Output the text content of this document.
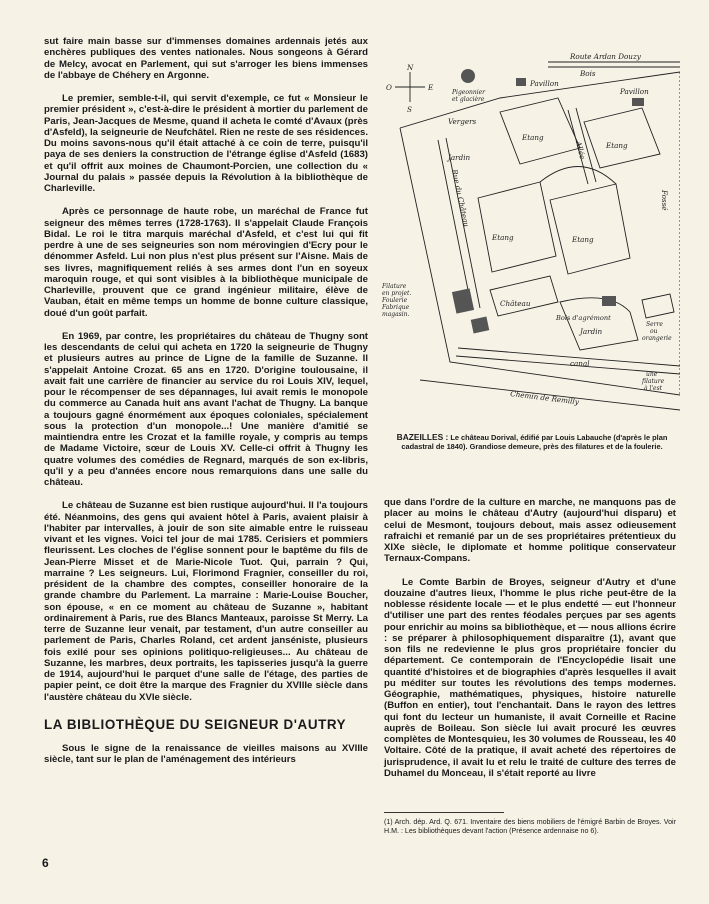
sut faire main basse sur d'immenses domaines ardennais jetés aux enchères publiques des ventes nationales. Nous songeons à Gérard de Melcy, avocat en Parlement, qui sut s'arroger les biens immenses de l'abbaye de Chéhery en Argonne.

Le premier, semble-t-il, qui servit d'exemple, ce fut « Monsieur le premier président », c'est-à-dire le président à mortier du parlement de Paris, Jean-Jacques de Mesme, quand il acheta le comté d'Avaux (près d'Asfeld), la seigneurie de Neufchâtel. Rien ne reste de ses résidences. Du moins savons-nous qu'il était attaché à ce coin de terre, puisqu'il paya de ses deniers la construction de l'étrange église d'Asfeld (1683) et qu'il offrit aux moines de Chaumont-Porcien, une collection du « Journal du palais » passée depuis la Révolution à la bibliothèque de Charleville.

Après ce personnage de haute robe, un maréchal de France fut seigneur des mêmes terres (1728-1763). Il s'appelait Claude François Bidal. Le roi le titra marquis maréchal d'Asfeld, et c'est lui qui fit perdre à une de ses seigneuries son nom mérovingien d'Ecry pour le dénommer Asfeld. Lui non plus n'est plus présent sur l'Aisne. Mais de ses livres, magnifiquement reliés à ses armes dont l'un en soyeux maroquin rouge, et qui sont visibles à la bibliothèque municipale de Charleville, prouvent que ce grand ingénieur militaire, élève de Vauban, était en même temps un homme de bonne culture classique, doué d'un goût parfait.

En 1969, par contre, les propriétaires du château de Thugny sont les descendants de celui qui acheta en 1720 la seigneurie de Thugny et plusieurs autres au prince de Ligne de la famille de Suzanne. Il s'appelait Antoine Crozat. 65 ans en 1720. D'origine toulousaine, il avait fait une carrière de financier au service du roi Louis XIV, lequel, pour le récompenser de ses dépannages, lui avait remis le monopole du commerce au Canada huit ans avant l'achat de Thugny. La banque a toujours gagné énormément aux époques coloniales, spécialement sous la protection d'un monopole...! Une manière d'amitié se maintiendra entre les Crozat et la famille royale, y compris au temps de Madame Victoire, sœur de Louis XV. Celle-ci offrit à Thugny les quatre volumes des comédies de Regnard, marqués de son ex-libris, qu'il y a peu d'années encore nous remarquions dans une salle du château.

Le château de Suzanne est bien rustique aujourd'hui. Il l'a toujours été. Néanmoins, des gens qui avaient hôtel à Paris, avaient plaisir à l'habiter par intervalles, à jouir de son site aimable entre le ruisseau vivant et les vignes. Voici tel jour de mai 1785. Cerisiers et pommiers fleurissent. Les cloches de l'église sonnent pour le baptême du fils de Jean-Pierre Misset et de Marie-Nicole Tuot. Qui, parrain ? Qui, marraine ? Les seigneurs. Lui, Florimond Fragnier, conseiller du roi, président de la chambre des comptes, conseiller honoraire de la grande chambre du Parlement. La marraine : Marie-Louise Boucher, son épouse, « en ce moment au château de Suzanne », habitant ordinairement à Paris, rue des Blancs Manteaux, paroisse St Merry. La terre de Suzanne leur venait, par testament, d'un autre conseiller au parlement de Paris, Charles Roland, cet ardent janséniste, plusieurs fois exilé pour ses opinions politiquo-religieuses... Au château de Suzanne, les marbres, deux portraits, les tapisseries jusqu'à la guerre de 1914, aujourd'hui le parquet d'une salle de l'étage, des parties de papier peint, ce doit être la marque des Fragnier du XVIIIe siècle dans l'austère château du XVIe siècle.

LA BIBLIOTHÈQUE DU SEIGNEUR D'AUTRY

Sous le signe de la renaissance de vieilles maisons au XVIIIe siècle, tant sur le plan de l'aménagement des intérieurs

N
S
O	E
Route Ardan Douzy
Bois
Pigeonnier
et glacière
Pavillon
Pavillon
Vergers
Jardin
Etang
Etang
Etang	Etang
Allée
Rue du Château	Fossé
Filature
en projet.
Foulerie
Fabrique
magasin.
Château
Bois d'agrémont
Jardin
Serre
ou
orangerie
une
filature
à l'est
canal
Chemin de Remilly
BAZEILLES : Le château Dorival, édifié par Louis Labauche (d'après le plan cadastral de 1840). Grandiose demeure, près des filatures et de la foulerie.

que dans l'ordre de la culture en marche, ne manquons pas de placer au moins le château d'Autry (aujourd'hui disparu) et celui de Mesmont, toujours debout, mais assez odieusement rafraichi et remanié par un de ses propriétaires prétentieux du XIXe siècle, le diplomate et homme politique conservateur Ternaux-Compans.

Le Comte Barbin de Broyes, seigneur d'Autry et d'une douzaine d'autres lieux, l'homme le plus riche peut-être de la noblesse résidente locale — et le plus endetté — eut l'honneur d'utiliser une part des rentes féodales perçues par ses agents pour enrichir au moins sa bibliothèque, et — nous allions écrire : se préparer à philosophiquement disparaître (1), avant que son fils ne redevienne le plus gros propriétaire foncier du département. Ce contemporain de l'Encyclopédie lisait une quantité d'histoires et de biographies d'après lesquelles il avait pu méditer sur toutes les révolutions des temps modernes. Géographie, mathématiques, physiques, histoire naturelle (Buffon en entier), tout l'enchantait. Dans le rayon des lettres qui font du lecteur un humaniste, il avait Corneille et Racine auprès de Boileau. Son siècle lui avait procuré les œuvres complètes de Montesquieu, les 30 volumes de Rousseau, les 40 Voltaire. Côté de la pratique, il avait acheté des répertoires de jurisprudence, il avait lu et relu le traité de culture des terres de Duhamel du Monceau, il s'était reporté au livre

(1) Arch. dép. Ard. Q. 671. Inventaire des biens mobiliers de l'émigré Barbin de Broyes. Voir H.M. : Les bibliothèques devant l'action (Présence ardennaise no 6).
6
